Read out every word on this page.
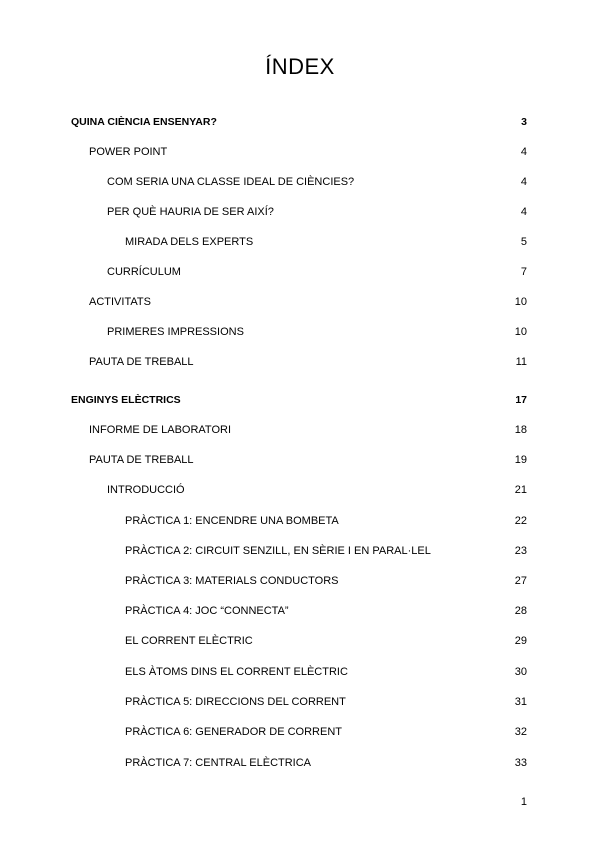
ÍNDEX
QUINA CIÈNCIA ENSENYAR?	3
POWER POINT	4
COM SERIA UNA CLASSE IDEAL DE CIÈNCIES?	4
PER QUÈ HAURIA DE SER AIXÍ?	4
MIRADA DELS EXPERTS	5
CURRÍCULUM	7
ACTIVITATS	10
PRIMERES IMPRESSIONS	10
PAUTA DE TREBALL	11
ENGINYS ELÈCTRICS	17
INFORME DE LABORATORI	18
PAUTA DE TREBALL	19
INTRODUCCIÓ	21
PRÀCTICA 1: ENCENDRE UNA BOMBETA	22
PRÀCTICA 2: CIRCUIT SENZILL, EN SÈRIE I EN PARAL·LEL	23
PRÀCTICA 3: MATERIALS CONDUCTORS	27
PRÀCTICA 4: JOC “CONNECTA”	28
EL CORRENT ELÈCTRIC	29
ELS ÀTOMS DINS EL CORRENT ELÈCTRIC	30
PRÀCTICA 5: DIRECCIONS DEL CORRENT	31
PRÀCTICA 6: GENERADOR DE CORRENT	32
PRÀCTICA 7: CENTRAL ELÈCTRICA	33
1
